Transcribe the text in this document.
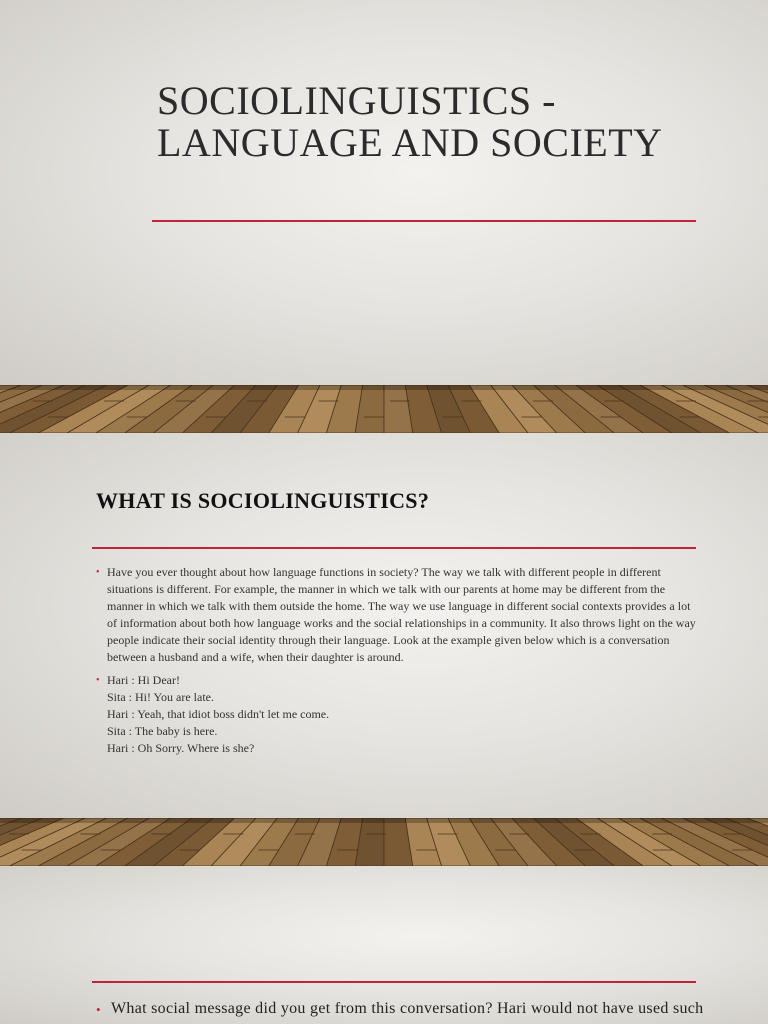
SOCIOLINGUISTICS -
LANGUAGE AND SOCIETY
WHAT IS SOCIOLINGUISTICS?
• Have you ever thought about how language functions in society? The way we talk with different people in different situations is different. For example, the manner in which we talk with our parents at home may be different from the manner in which we talk with them outside the home. The way we use language in different social contexts provides a lot of information about both how language works and the social relationships in a community. It also throws light on the way people indicate their social identity through their language. Look at the example given below which is a conversation between a husband and a wife, when their daughter is around.
• Hari : Hi Dear!
Sita : Hi! You are late.
Hari : Yeah, that idiot boss didn't let me come.
Sita : The baby is here.
Hari : Oh Sorry. Where is she?

• What social message did you get from this conversation? Hari would not have used such
